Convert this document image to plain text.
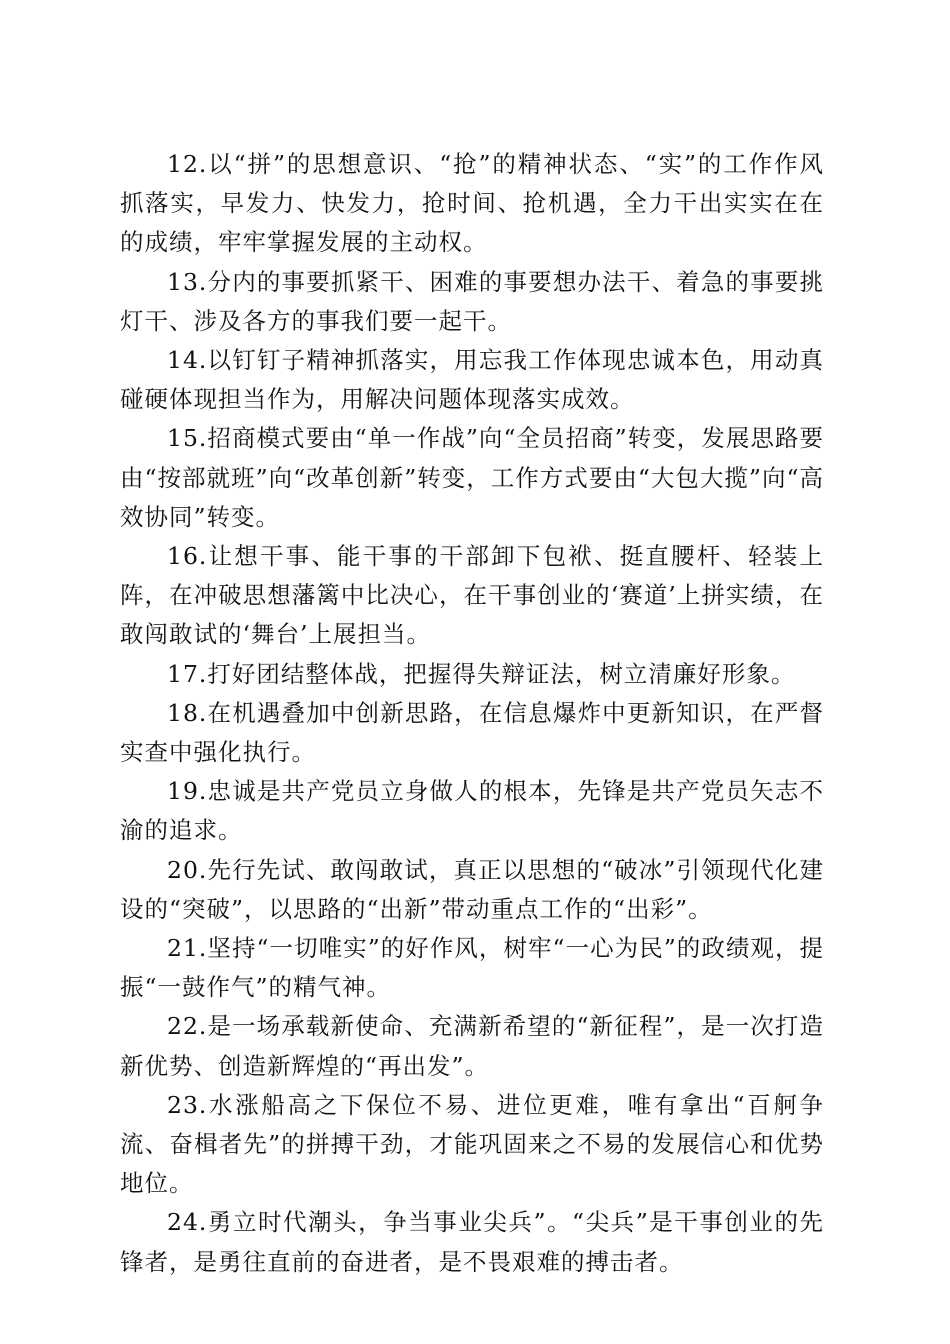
12.以“拼”的思想意识、“抢”的精神状态、“实”的工作作风抓落实，早发力、快发力，抢时间、抢机遇，全力干出实实在在的成绩，牢牢掌握发展的主动权。

13.分内的事要抓紧干、困难的事要想办法干、着急的事要挑灯干、涉及各方的事我们要一起干。

14.以钉钉子精神抓落实，用忘我工作体现忠诚本色，用动真碰硬体现担当作为，用解决问题体现落实成效。

15.招商模式要由“单一作战”向“全员招商”转变，发展思路要由“按部就班”向“改革创新”转变，工作方式要由“大包大揽”向“高效协同”转变。

16.让想干事、能干事的干部卸下包袱、挺直腰杆、轻装上阵，在冲破思想藩篱中比决心，在干事创业的‘赛道’上拼实绩，在敢闯敢试的‘舞台’上展担当。

17.打好团结整体战，把握得失辩证法，树立清廉好形象。

18.在机遇叠加中创新思路，在信息爆炸中更新知识，在严督实查中强化执行。

19.忠诚是共产党员立身做人的根本，先锋是共产党员矢志不渝的追求。

20.先行先试、敢闯敢试，真正以思想的“破冰”引领现代化建设的“突破”，以思路的“出新”带动重点工作的“出彩”。

21.坚持“一切唯实”的好作风，树牢“一心为民”的政绩观，提振“一鼓作气”的精气神。

22.是一场承载新使命、充满新希望的“新征程”，是一次打造新优势、创造新辉煌的“再出发”。

23.水涨船高之下保位不易、进位更难，唯有拿出“百舸争流、奋楫者先”的拼搏干劲，才能巩固来之不易的发展信心和优势地位。

24.勇立时代潮头，争当事业尖兵”。“尖兵”是干事创业的先锋者，是勇往直前的奋进者，是不畏艰难的搏击者。
